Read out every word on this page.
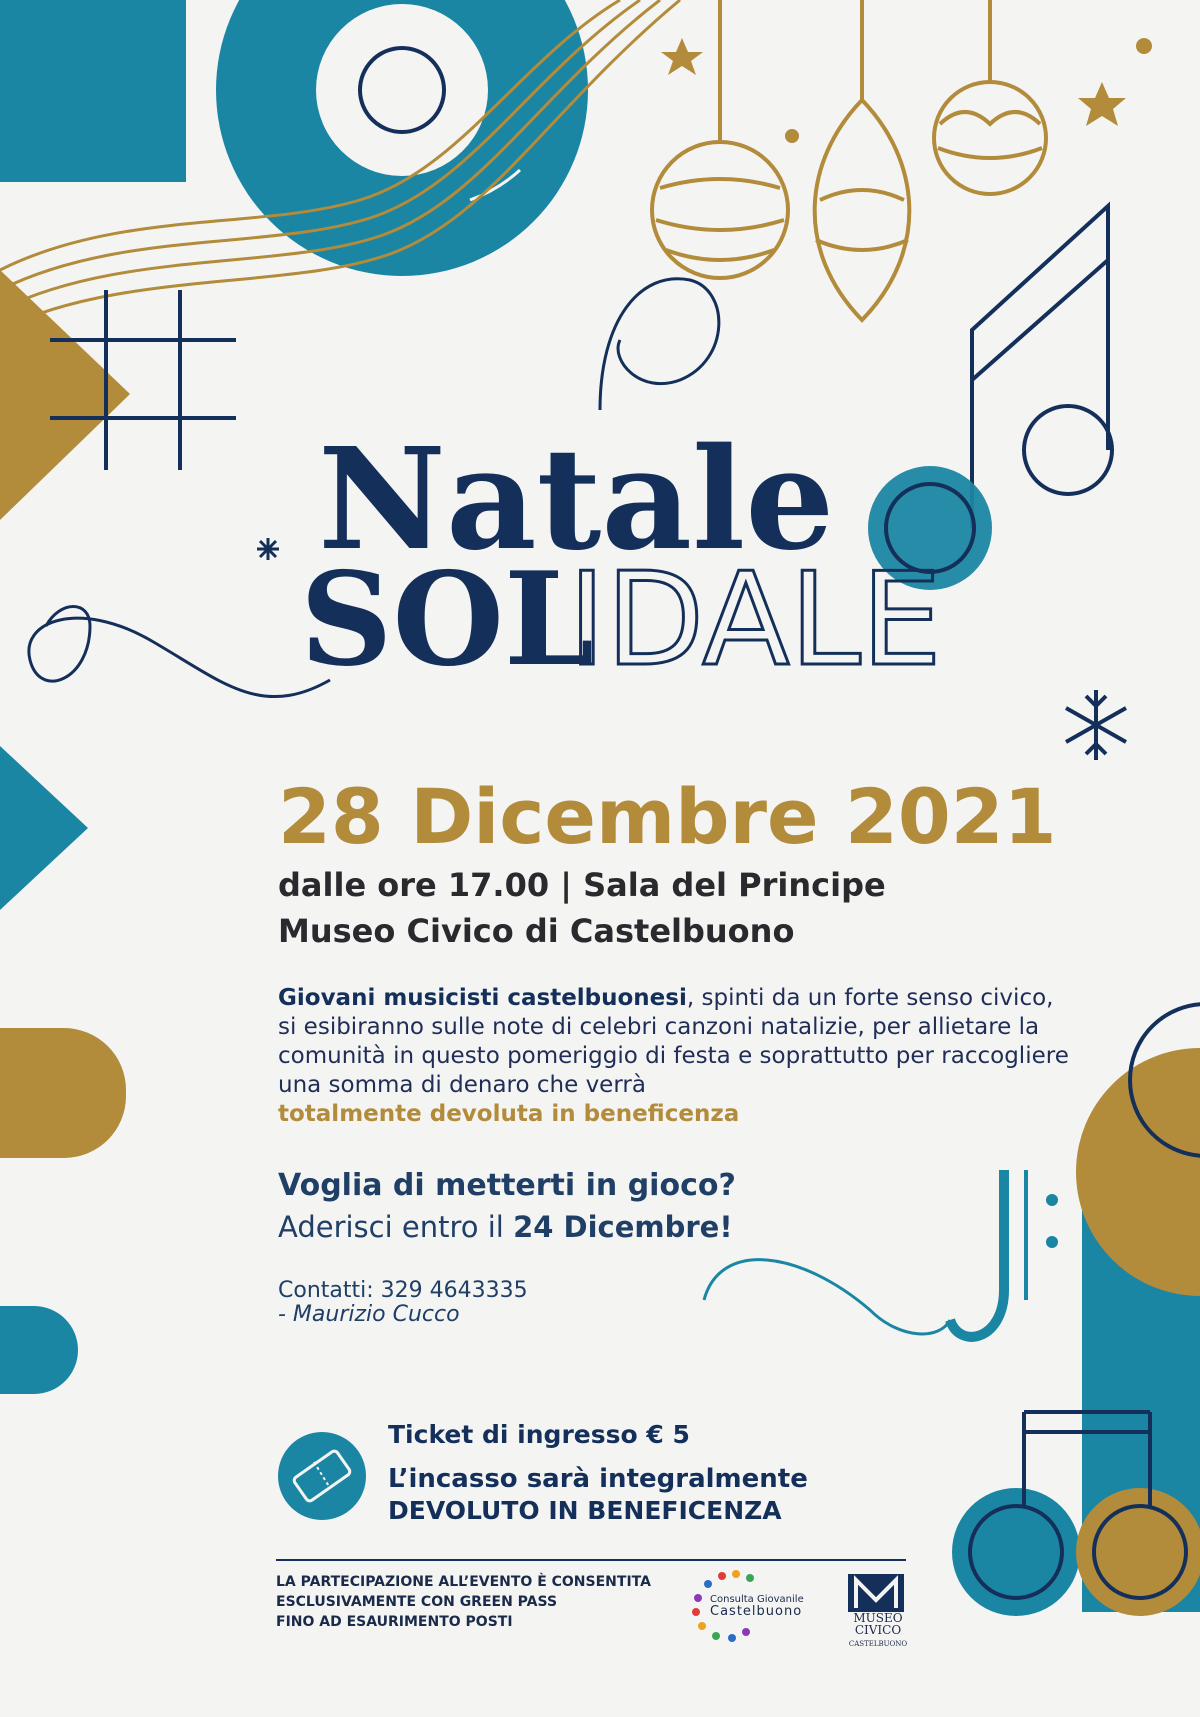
Natale
SOL
IDALE
28 Dicembre 2021
dalle ore 17.00 | Sala del Principe
Museo Civico di Castelbuono
Giovani musicisti castelbuonesi, spinti da un forte senso civico, si esibiranno sulle note di celebri canzoni natalizie, per allietare la comunità in questo pomeriggio di festa e soprattutto per raccogliere una somma di denaro che verrà
totalmente devoluta in beneficenza
Voglia di metterti in gioco?
Aderisci entro il 24 Dicembre!
Contatti: 329 4643335
- Maurizio Cucco
Ticket di ingresso € 5
L’incasso sarà integralmente
DEVOLUTO IN BENEFICENZA
LA PARTECIPAZIONE ALL’EVENTO È CONSENTITA
ESCLUSIVAMENTE CON GREEN PASS
FINO AD ESAURIMENTO POSTI
Consulta Giovanile
Castelbuono	MUSEO
CIVICO
CASTELBUONO
